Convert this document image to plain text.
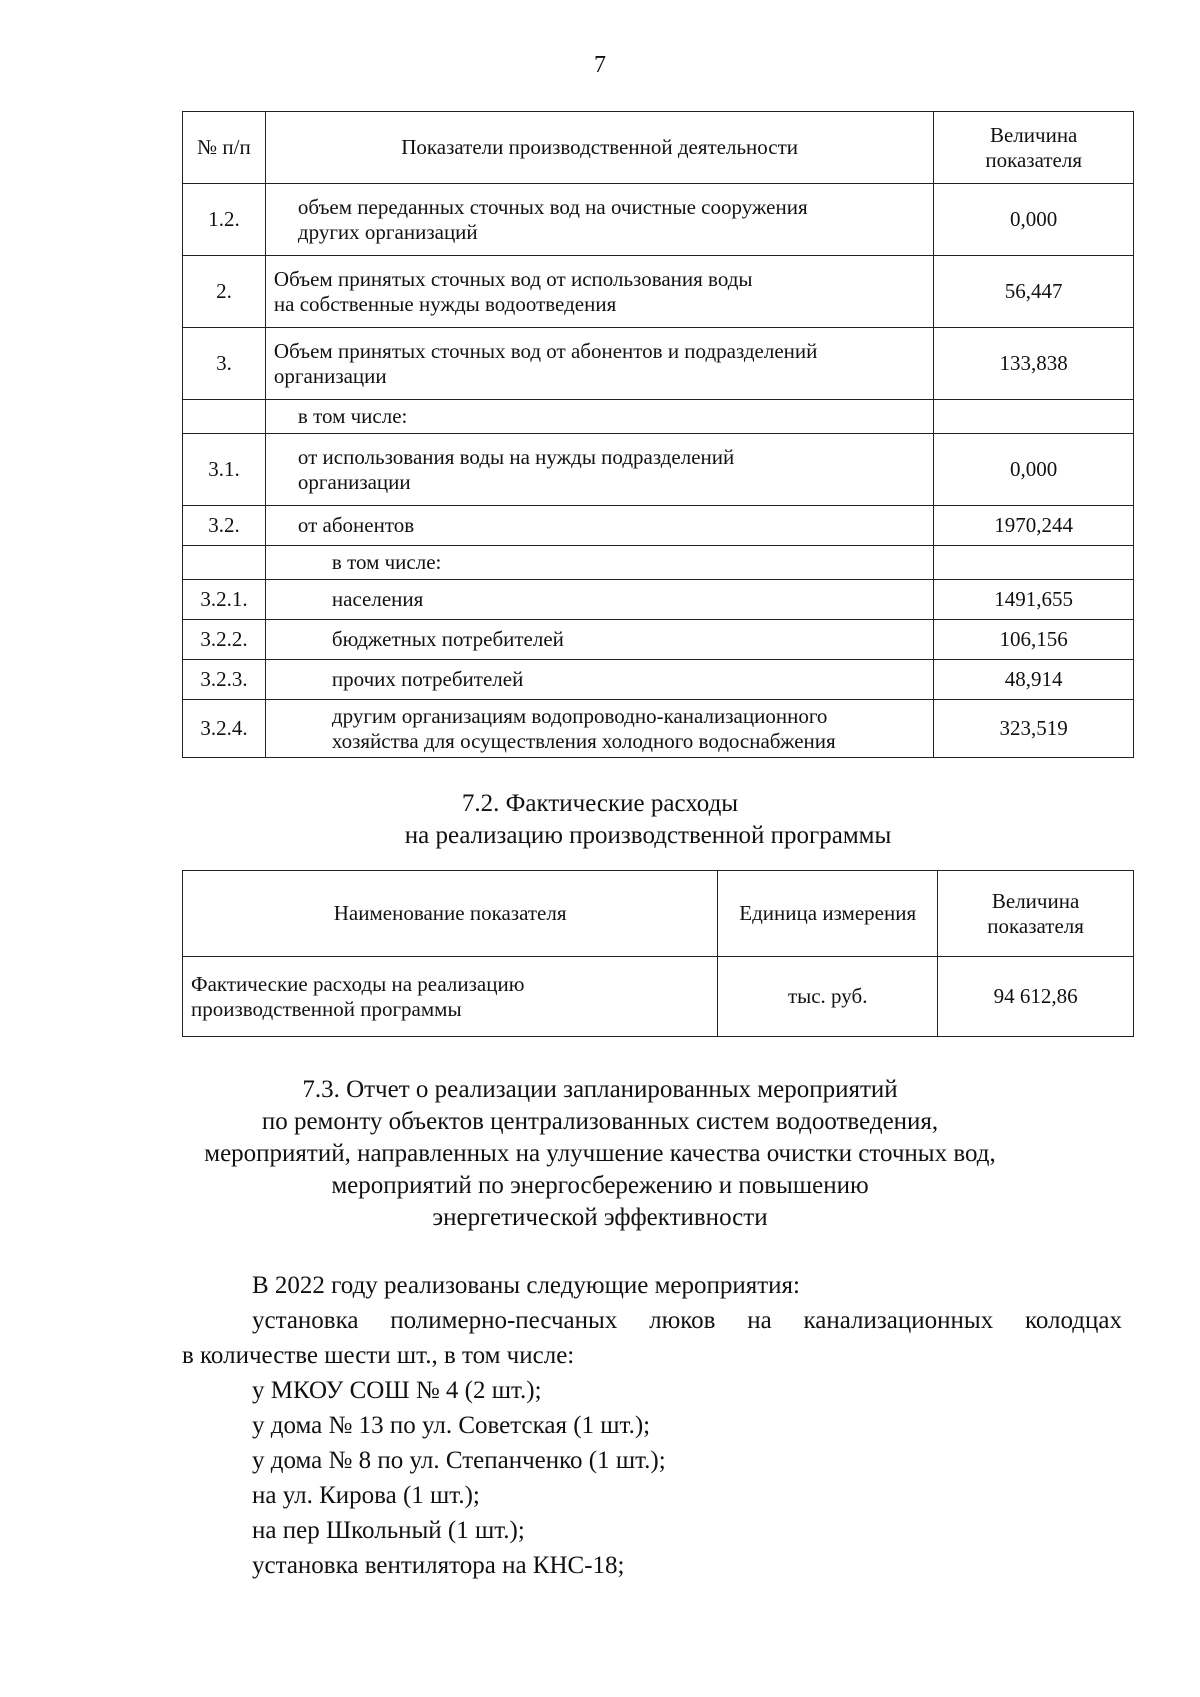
7
№ п/п	Показатели производственной деятельности	Величина
показателя
1.2.	объем переданных сточных вод на очистные сооружения
других организаций	0,000
2.	Объем принятых сточных вод от использования воды
на собственные нужды водоотведения	56,447
3.	Объем принятых сточных вод от абонентов и подразделений
организации	133,838
	в том числе:	
3.1.	от использования воды на нужды подразделений
организации	0,000
3.2.	от абонентов	1970,244
	в том числе:	
3.2.1.	населения	1491,655
3.2.2.	бюджетных потребителей	106,156
3.2.3.	прочих потребителей	48,914
3.2.4.	другим организациям водопроводно-канализационного
хозяйства для осуществления холодного водоснабжения	323,519
7.2. Фактические расходы
на реализацию производственной программы
Наименование показателя	Единица измерения	Величина
показателя
Фактические расходы на реализацию
производственной программы	тыс. руб.	94 612,86
7.3. Отчет о реализации запланированных мероприятий
по ремонту объектов централизованных систем водоотведения,
мероприятий, направленных на улучшение качества очистки сточных вод,
мероприятий по энергосбережению и повышению
энергетической эффективности
В 2022 году реализованы следующие мероприятия:
установка полимерно-песчаных люков на канализационных колодцах
в количестве шести шт., в том числе:
у МКОУ СОШ № 4 (2 шт.);
у дома № 13 по ул. Советская (1 шт.);
у дома № 8 по ул. Степанченко (1 шт.);
на ул. Кирова (1 шт.);
на пер Школьный (1 шт.);
установка вентилятора на КНС-18;
